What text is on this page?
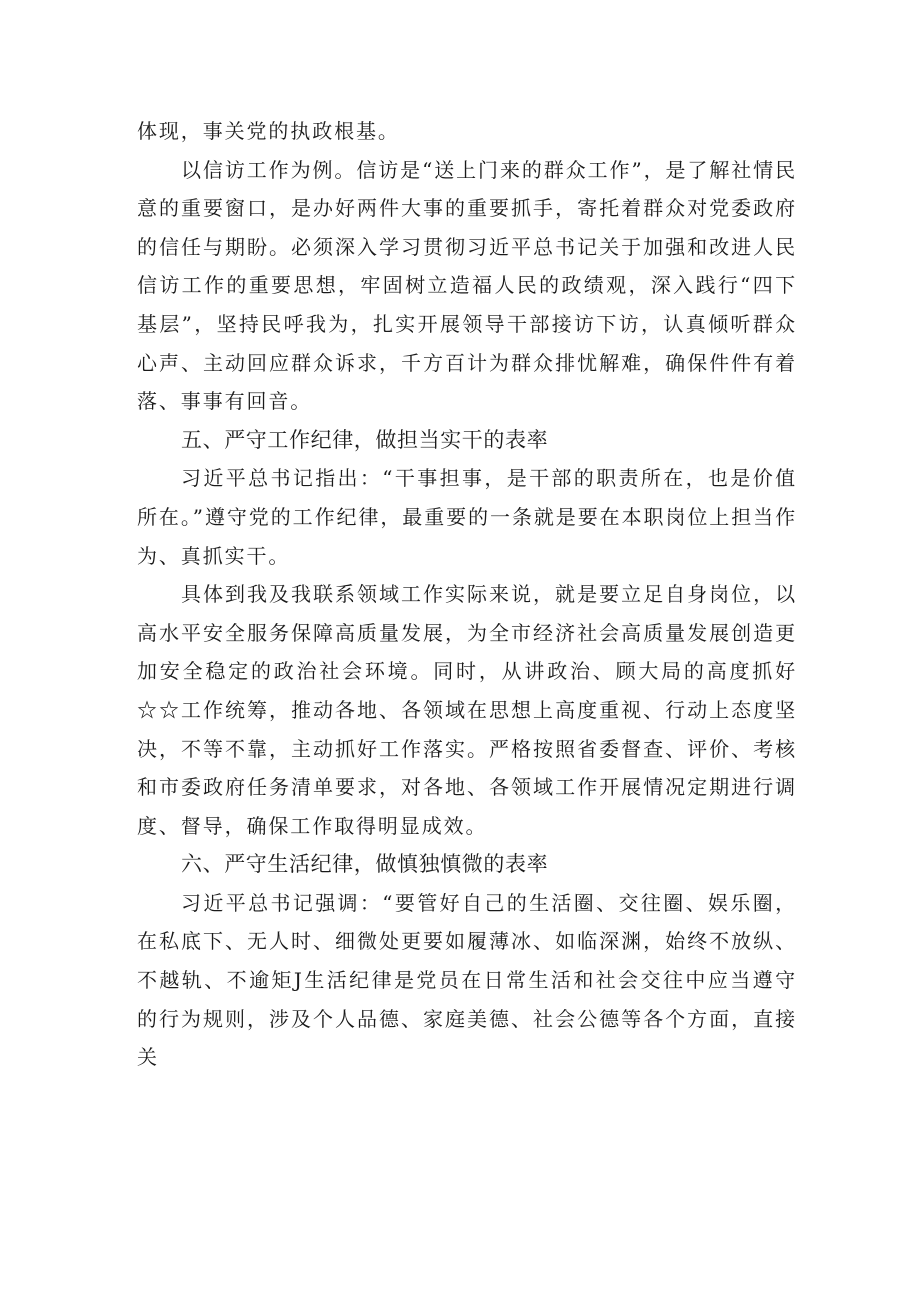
体现，事关党的执政根基。

以信访工作为例。信访是“送上门来的群众工作”，是了解社情民意的重要窗口，是办好两件大事的重要抓手，寄托着群众对党委政府的信任与期盼。必须深入学习贯彻习近平总书记关于加强和改进人民信访工作的重要思想，牢固树立造福人民的政绩观，深入践行“四下基层”，坚持民呼我为，扎实开展领导干部接访下访，认真倾听群众心声、主动回应群众诉求，千方百计为群众排忧解难，确保件件有着落、事事有回音。

五、严守工作纪律，做担当实干的表率

习近平总书记指出：“干事担事，是干部的职责所在，也是价值所在。”遵守党的工作纪律，最重要的一条就是要在本职岗位上担当作为、真抓实干。

具体到我及我联系领域工作实际来说，就是要立足自身岗位，以高水平安全服务保障高质量发展，为全市经济社会高质量发展创造更加安全稳定的政治社会环境。同时，从讲政治、顾大局的高度抓好☆☆工作统筹，推动各地、各领域在思想上高度重视、行动上态度坚决，不等不靠，主动抓好工作落实。严格按照省委督查、评价、考核和市委政府任务清单要求，对各地、各领域工作开展情况定期进行调度、督导，确保工作取得明显成效。

六、严守生活纪律，做慎独慎微的表率

习近平总书记强调：“要管好自己的生活圈、交往圈、娱乐圈，在私底下、无人时、细微处更要如履薄冰、如临深渊，始终不放纵、不越轨、不逾矩J生活纪律是党员在日常生活和社会交往中应当遵守的行为规则，涉及个人品德、家庭美德、社会公德等各个方面，直接关
